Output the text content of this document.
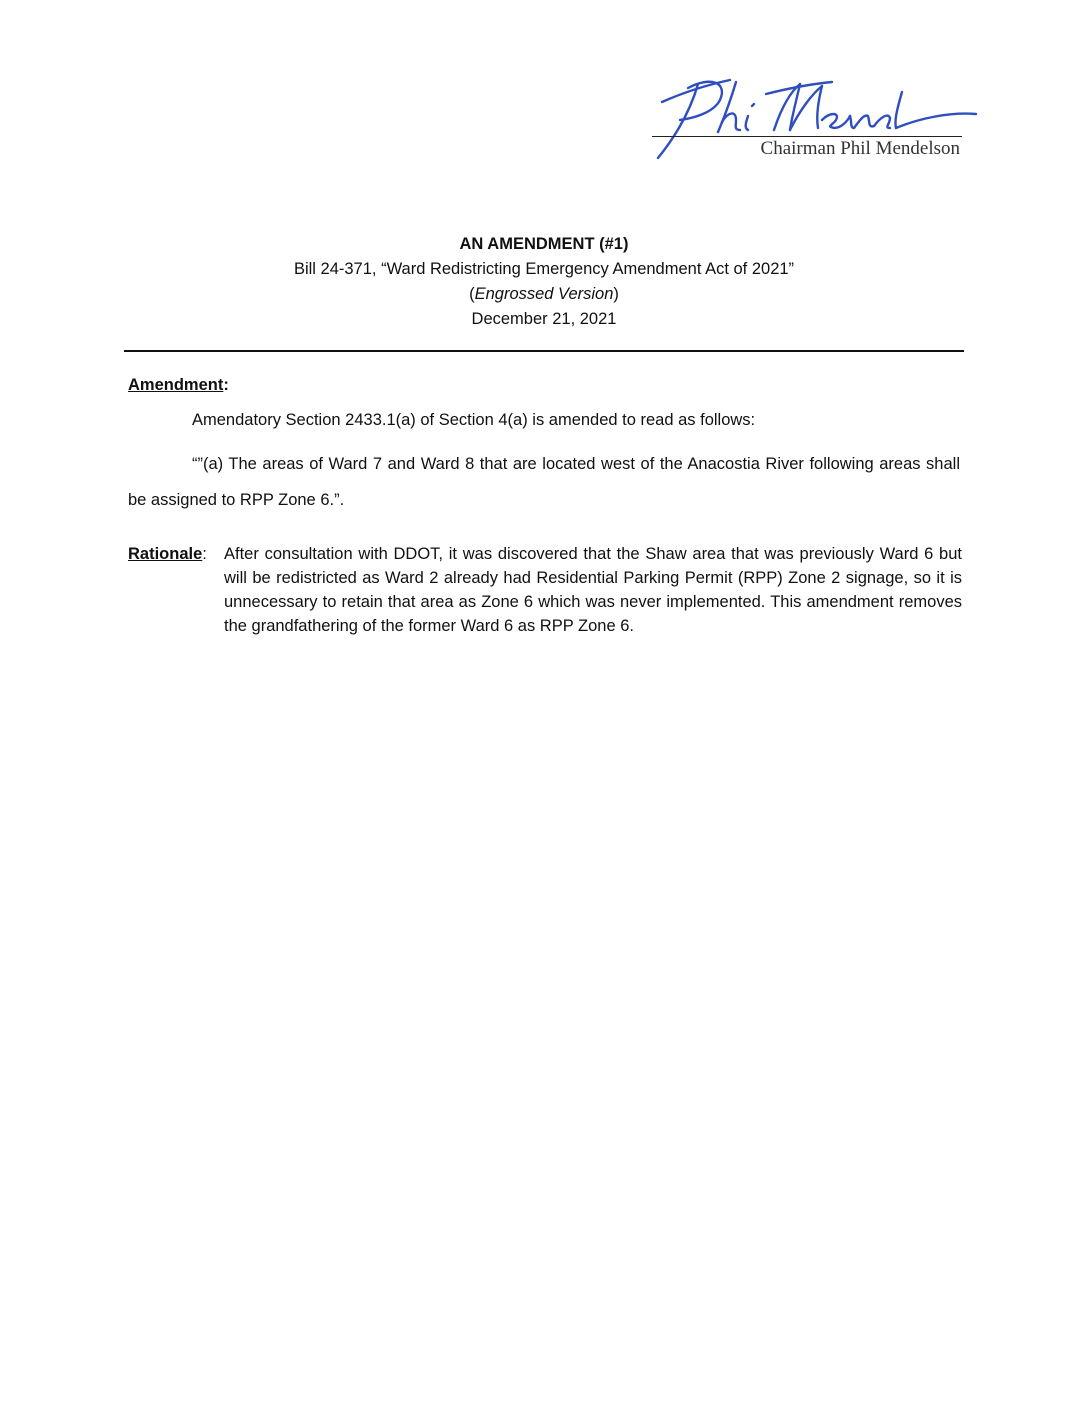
Chairman Phil Mendelson
AN AMENDMENT (#1)
Bill 24-371, “Ward Redistricting Emergency Amendment Act of 2021”
(Engrossed Version)
December 21, 2021
Amendment:
Amendatory Section 2433.1(a) of Section 4(a) is amended to read as follows:
“”(a) The areas of Ward 7 and Ward 8 that are located west of the Anacostia River following areas shall be assigned to RPP Zone 6.”.
Rationale: After consultation with DDOT, it was discovered that the Shaw area that was previously Ward 6 but will be redistricted as Ward 2 already had Residential Parking Permit (RPP) Zone 2 signage, so it is unnecessary to retain that area as Zone 6 which was never implemented. This amendment removes the grandfathering of the former Ward 6 as RPP Zone 6.
